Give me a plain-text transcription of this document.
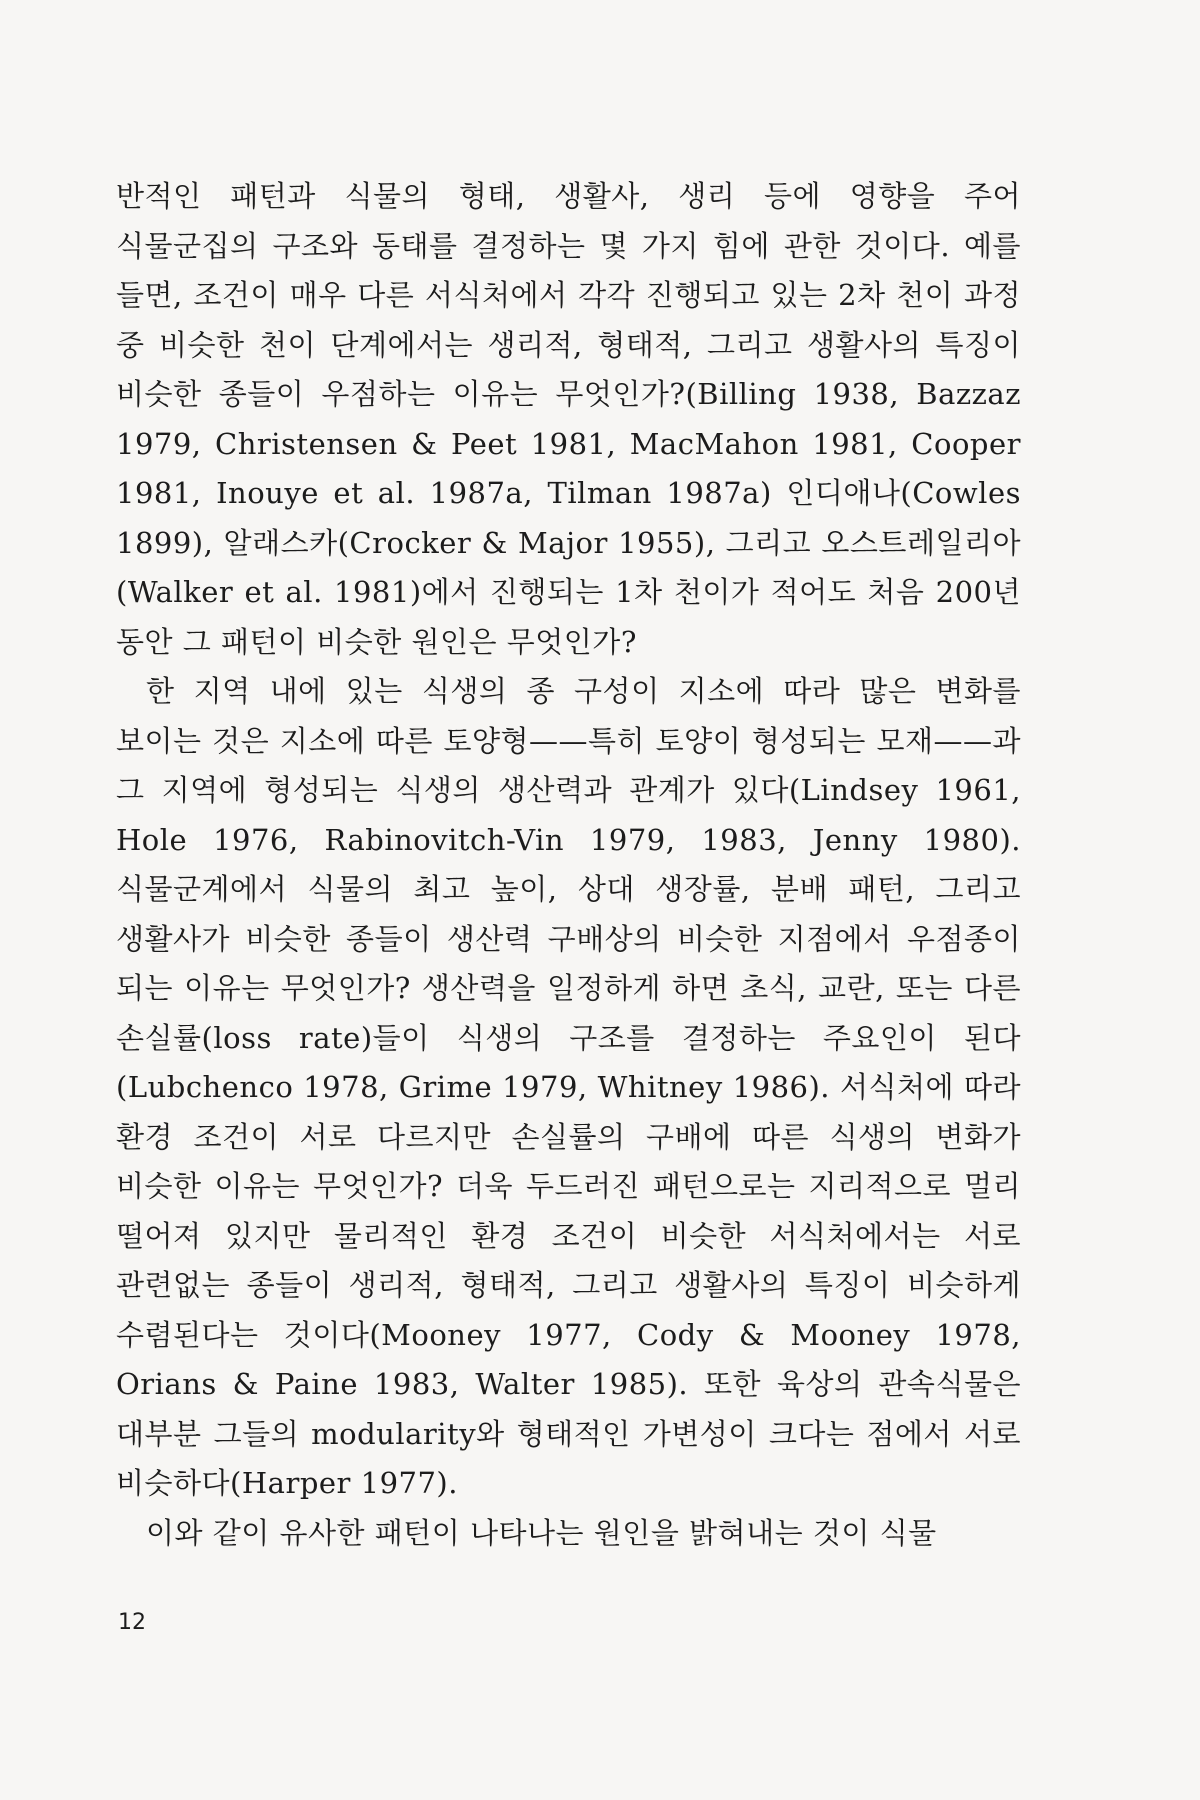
반적인 패턴과 식물의 형태, 생활사, 생리 등에 영향을 주어 식물군집의 구조와 동태를 결정하는 몇 가지 힘에 관한 것이다. 예를 들면, 조건이 매우 다른 서식처에서 각각 진행되고 있는 2차 천이 과정 중 비슷한 천이 단계에서는 생리적, 형태적, 그리고 생활사의 특징이 비슷한 종들이 우점하는 이유는 무엇인가?(Billing 1938, Bazzaz 1979, Christensen & Peet 1981, MacMahon 1981, Cooper 1981, Inouye et al. 1987a, Tilman 1987a) 인디애나(Cowles 1899), 알래스카(Crocker & Major 1955), 그리고 오스트레일리아(Walker et al. 1981)에서 진행되는 1차 천이가 적어도 처음 200년 동안 그 패턴이 비슷한 원인은 무엇인가?

한 지역 내에 있는 식생의 종 구성이 지소에 따라 많은 변화를 보이는 것은 지소에 따른 토양형——특히 토양이 형성되는 모재——과 그 지역에 형성되는 식생의 생산력과 관계가 있다(Lindsey 1961, Hole 1976, Rabinovitch-Vin 1979, 1983, Jenny 1980). 식물군계에서 식물의 최고 높이, 상대 생장률, 분배 패턴, 그리고 생활사가 비슷한 종들이 생산력 구배상의 비슷한 지점에서 우점종이 되는 이유는 무엇인가? 생산력을 일정하게 하면 초식, 교란, 또는 다른 손실률(loss rate)들이 식생의 구조를 결정하는 주요인이 된다(Lubchenco 1978, Grime 1979, Whitney 1986). 서식처에 따라 환경 조건이 서로 다르지만 손실률의 구배에 따른 식생의 변화가 비슷한 이유는 무엇인가? 더욱 두드러진 패턴으로는 지리적으로 멀리 떨어져 있지만 물리적인 환경 조건이 비슷한 서식처에서는 서로 관련없는 종들이 생리적, 형태적, 그리고 생활사의 특징이 비슷하게 수렴된다는 것이다(Mooney 1977, Cody & Mooney 1978, Orians & Paine 1983, Walter 1985). 또한 육상의 관속식물은 대부분 그들의 modularity와 형태적인 가변성이 크다는 점에서 서로 비슷하다(Harper 1977).

이와 같이 유사한 패턴이 나타나는 원인을 밝혀내는 것이 식물

12
